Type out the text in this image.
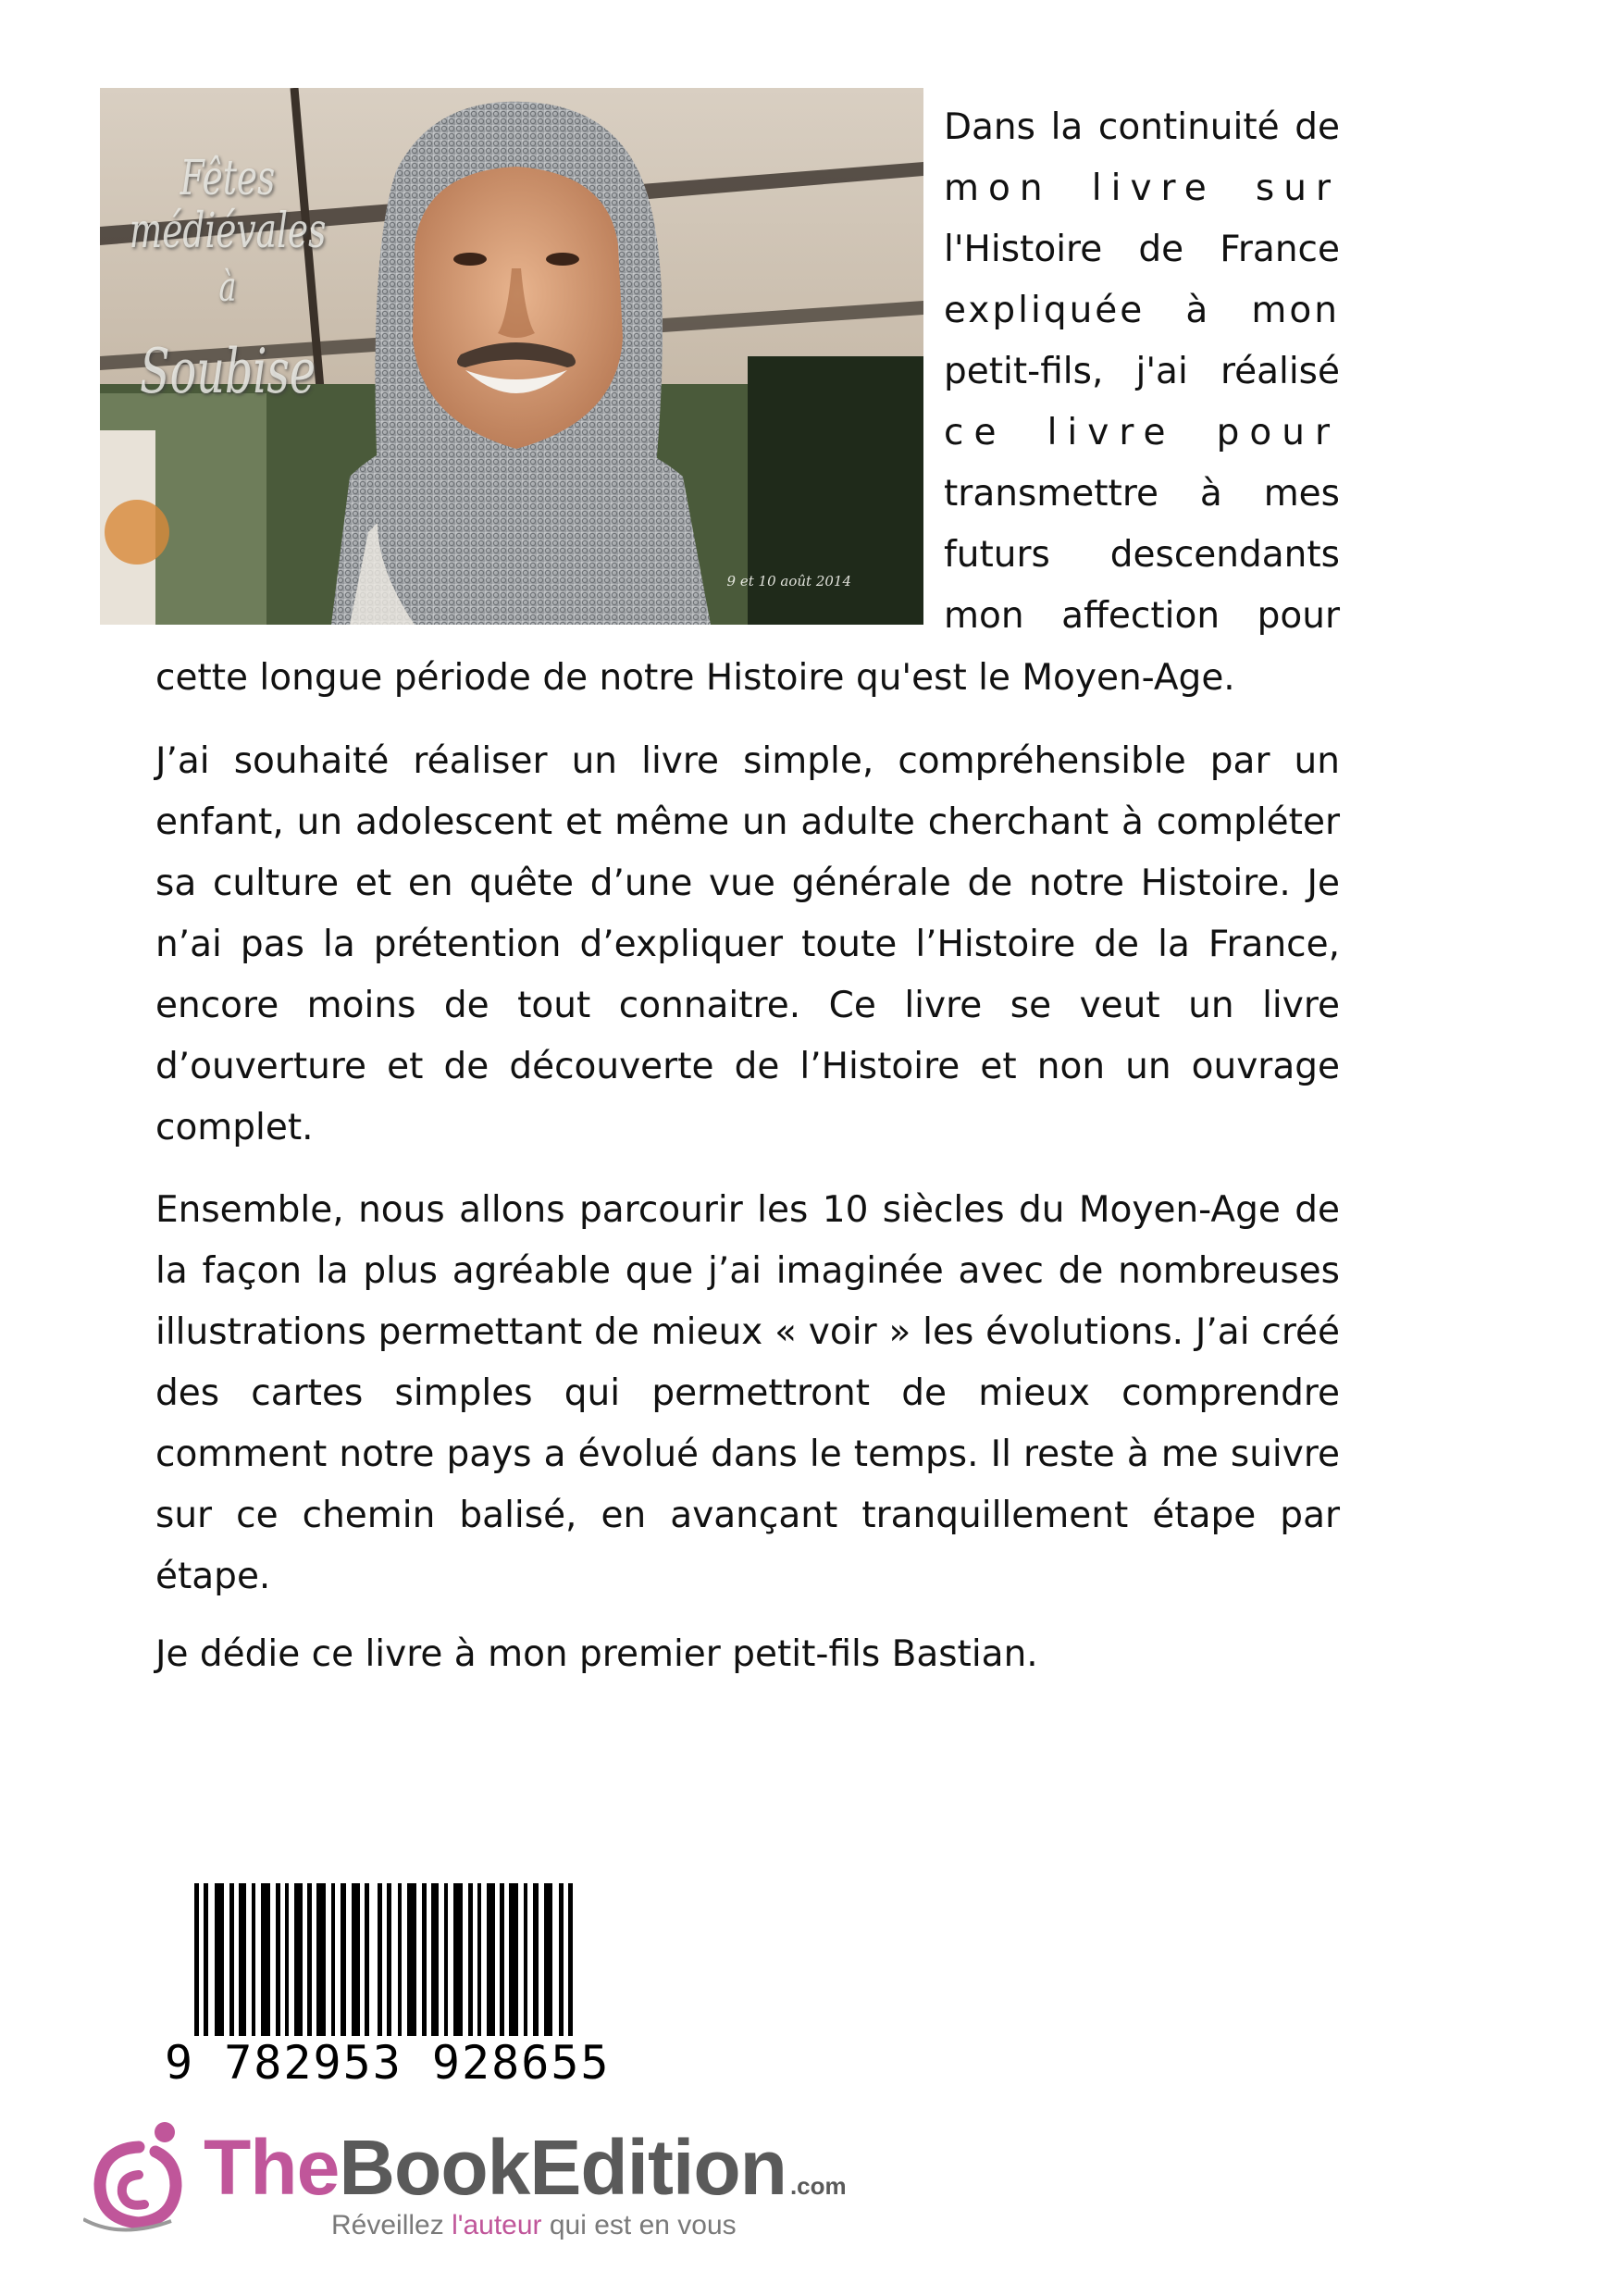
Fêtes médiévales
à
Soubise
9 et 10 août 2014
Dans la continuité de
mon livre sur
l'Histoire de France
expliquée à mon
petit-fils, j'ai réalisé
ce livre pour
transmettre à mes
futurs descendants
mon affection pour
cette longue période de notre Histoire qu'est le Moyen-Age.

J’ai souhaité réaliser un livre simple, compréhensible par un enfant, un adolescent et même un adulte cherchant à compléter sa culture et en quête d’une vue générale de notre Histoire. Je n’ai pas la prétention d’expliquer toute l’Histoire de la France, encore moins de tout connaitre. Ce livre se veut un livre d’ouverture et de découverte de l’Histoire et non un ouvrage complet.

Ensemble, nous allons parcourir les 10 siècles du Moyen-Age de la façon la plus agréable que j’ai imaginée avec de nombreuses illustrations permettant de mieux « voir » les évolutions. J’ai créé des cartes simples qui permettront de mieux comprendre comment notre pays a évolué dans le temps. Il reste à me suivre sur ce chemin balisé, en avançant tranquillement étape par étape.

Je dédie ce livre à mon premier petit-fils Bastian.

9 782953 928655
TheBookEdition .com
Réveillez l'auteur qui est en vous
